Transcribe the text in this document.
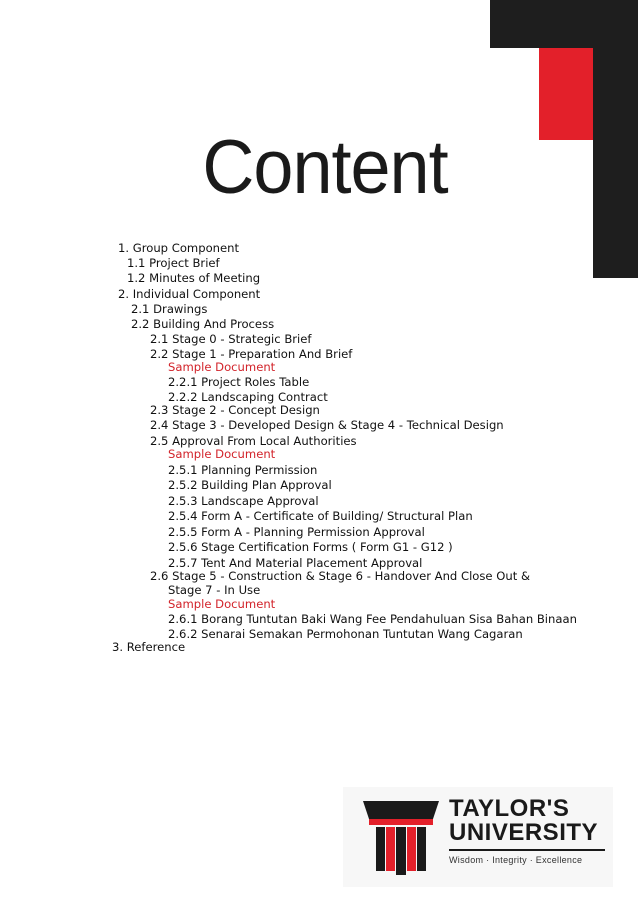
Content
1. Group Component
1.1 Project Brief
1.2 Minutes of Meeting
2. Individual Component
2.1 Drawings
2.2 Building And Process
2.1 Stage 0 - Strategic Brief
2.2 Stage 1 - Preparation And Brief
Sample Document
2.2.1 Project Roles Table
2.2.2 Landscaping Contract
2.3 Stage 2 - Concept Design
2.4 Stage 3 - Developed Design & Stage 4 - Technical Design
2.5 Approval From Local Authorities
Sample Document
2.5.1 Planning Permission
2.5.2 Building Plan Approval
2.5.3 Landscape Approval
2.5.4 Form A - Certificate of Building/ Structural Plan
2.5.5 Form A - Planning Permission Approval
2.5.6 Stage Certification Forms ( Form G1 - G12 )
2.5.7 Tent And Material Placement Approval
2.6 Stage 5 - Construction & Stage 6 - Handover And Close Out &
Stage 7 - In Use
Sample Document
2.6.1 Borang Tuntutan Baki Wang Fee Pendahuluan Sisa Bahan Binaan
2.6.2 Senarai Semakan Permohonan Tuntutan Wang Cagaran
3. Reference
TAYLOR'S
UNIVERSITY
Wisdom · Integrity · Excellence
